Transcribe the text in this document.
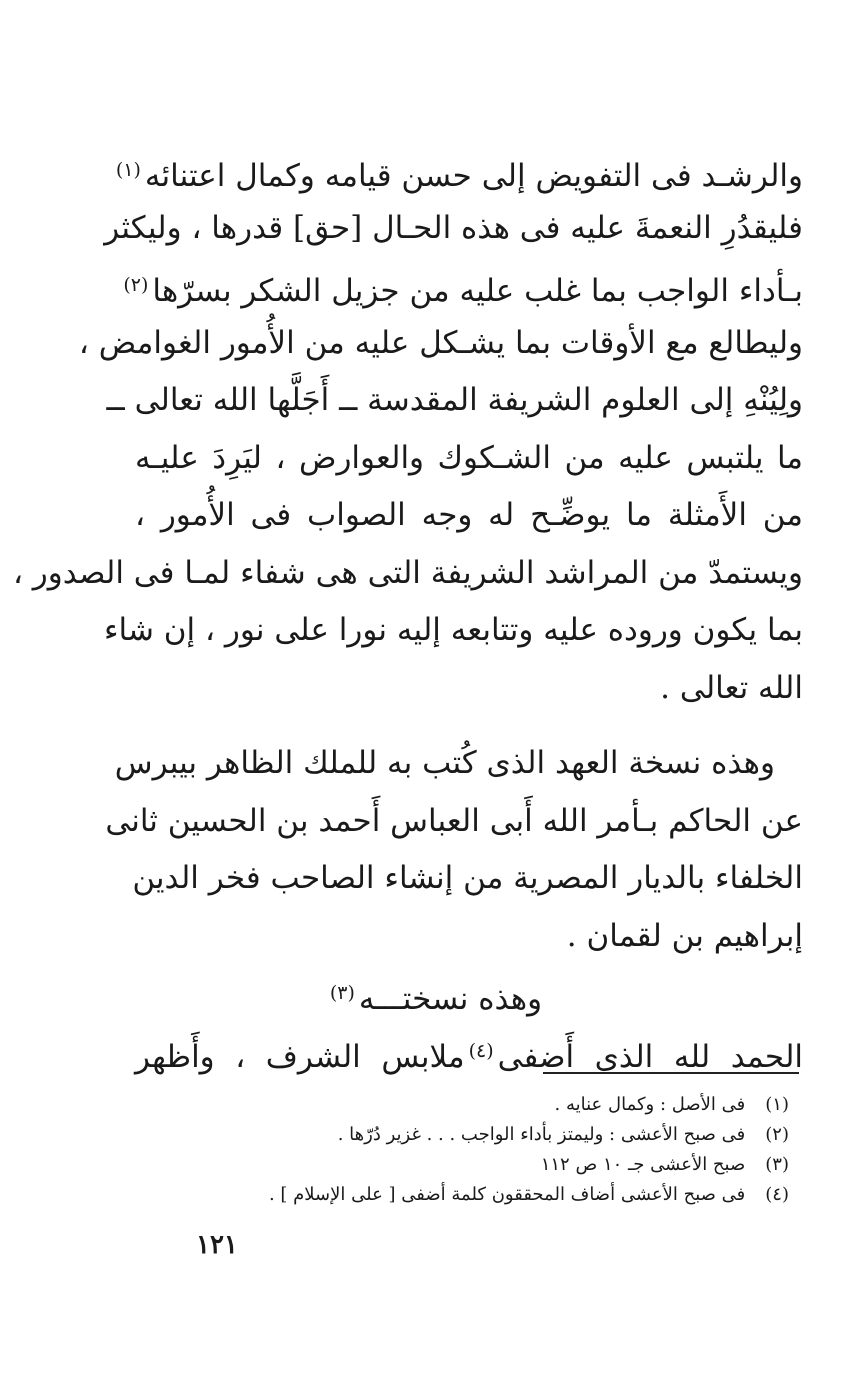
والرشـد فى التفويض إلى حسن قيامه وكمال اعتنائه$^{(١)}$
فليقدُرِ النعمةَ عليه فى هذه الحـال [حق] قدرها ، وليكثر
بـأداء الواجب بما غلب عليه من جزيل الشكر بسرّها$^{(٢)}$
وليطالع مع الأوقات بما يشـكل عليه من الأُمور الغوامض ،
ولِيُنْهِ إلى العلوم الشريفة المقدسة ــ أَجَلَّها الله تعالى ــ
ما يلتبس عليه من الشـكوك والعوارض ، ليَرِدَ عليـه
من الأَمثلة ما يوضِّـح له وجه الصواب فى الأُمور ،
ويستمدّ من المراشد الشريفة التى هى شفاء لمـا فى الصدور ،
بما يكون وروده عليه وتتابعه إليه نورا على نور ، إن شاء
الله تعالى .
وهذه نسخة العهد الذى كُتب به للملك الظاهر بيبرس
عن الحاكم بـأمر الله أَبى العباس أَحمد بن الحسين ثانى
الخلفاء بالديار المصرية من إنشاء الصاحب فخر الدين
إبراهيم بن لقمان .
وهذه نسختـــه$^{(٣)}$
الحمد لله الذى أَضفى$^{(٤)}$ملابس الشرف ، وأَظهر
(١) فى الأصل : وكمال عنايه .
(٢) فى صبح الأعشى : وليمتز بأداء الواجب . . . غزير دُرّها .
(٣) صبح الأعشى جـ ١٠ ص ١١٢
(٤) فى صبح الأعشى أضاف المحققون كلمة أضفى [ على الإسلام ] .
١٢١
